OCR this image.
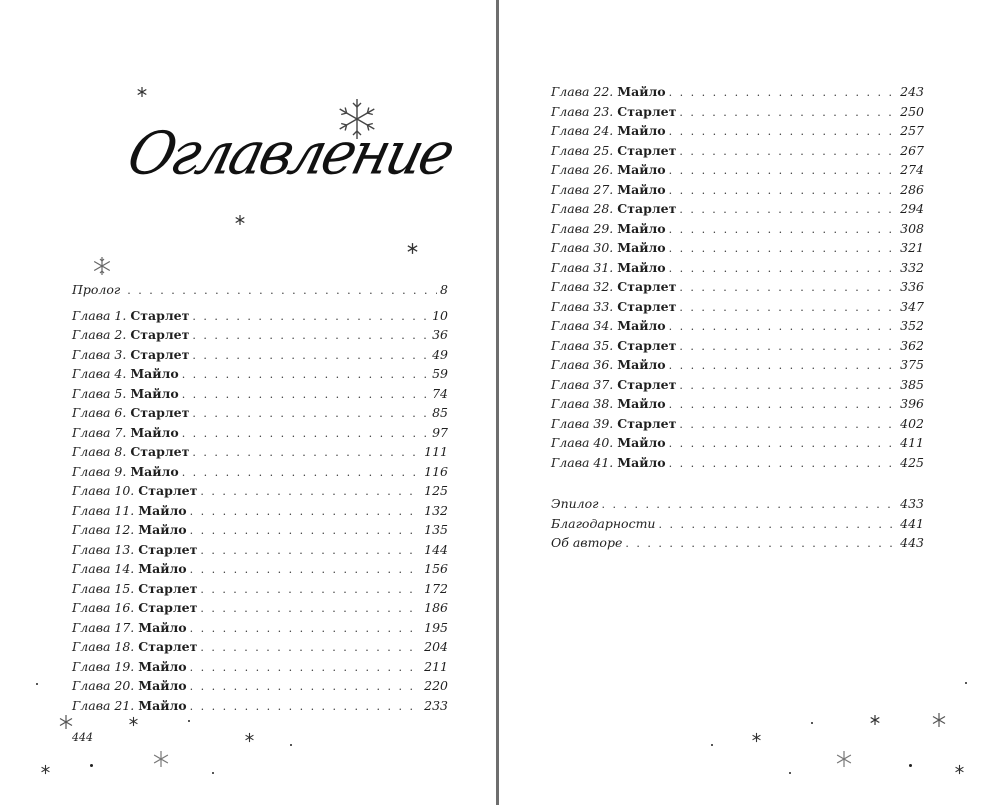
Оглавление
Пролог . . .	8
Глава 1. Старлет . . .	10
Глава 2. Старлет . . .	36
Глава 3. Старлет . . .	49
Глава 4. Майло . . .	59
Глава 5. Майло . . .	74
Глава 6. Старлет . . .	85
Глава 7. Майло . . .	97
Глава 8. Старлет . . .	111
Глава 9. Майло . . .	116
Глава 10. Старлет . . .	125
Глава 11. Майло . . .	132
Глава 12. Майло . . .	135
Глава 13. Старлет . . .	144
Глава 14. Майло . . .	156
Глава 15. Старлет . . .	172
Глава 16. Старлет . . .	186
Глава 17. Майло . . .	195
Глава 18. Старлет . . .	204
Глава 19. Майло . . .	211
Глава 20. Майло . . .	220
Глава 21. Майло . . .	233
444
Глава 22. Майло . . .	243
Глава 23. Старлет . . .	250
Глава 24. Майло . . .	257
Глава 25. Старлет . . .	267
Глава 26. Майло . . .	274
Глава 27. Майло . . .	286
Глава 28. Старлет . . .	294
Глава 29. Майло . . .	308
Глава 30. Майло . . .	321
Глава 31. Майло . . .	332
Глава 32. Старлет . . .	336
Глава 33. Старлет . . .	347
Глава 34. Майло . . .	352
Глава 35. Старлет . . .	362
Глава 36. Майло . . .	375
Глава 37. Старлет . . .	385
Глава 38. Майло . . .	396
Глава 39. Старлет . . .	402
Глава 40. Майло . . .	411
Глава 41. Майло . . .	425
Эпилог . . .	433
Благодарности . . .	441
Об авторе . . .	443
